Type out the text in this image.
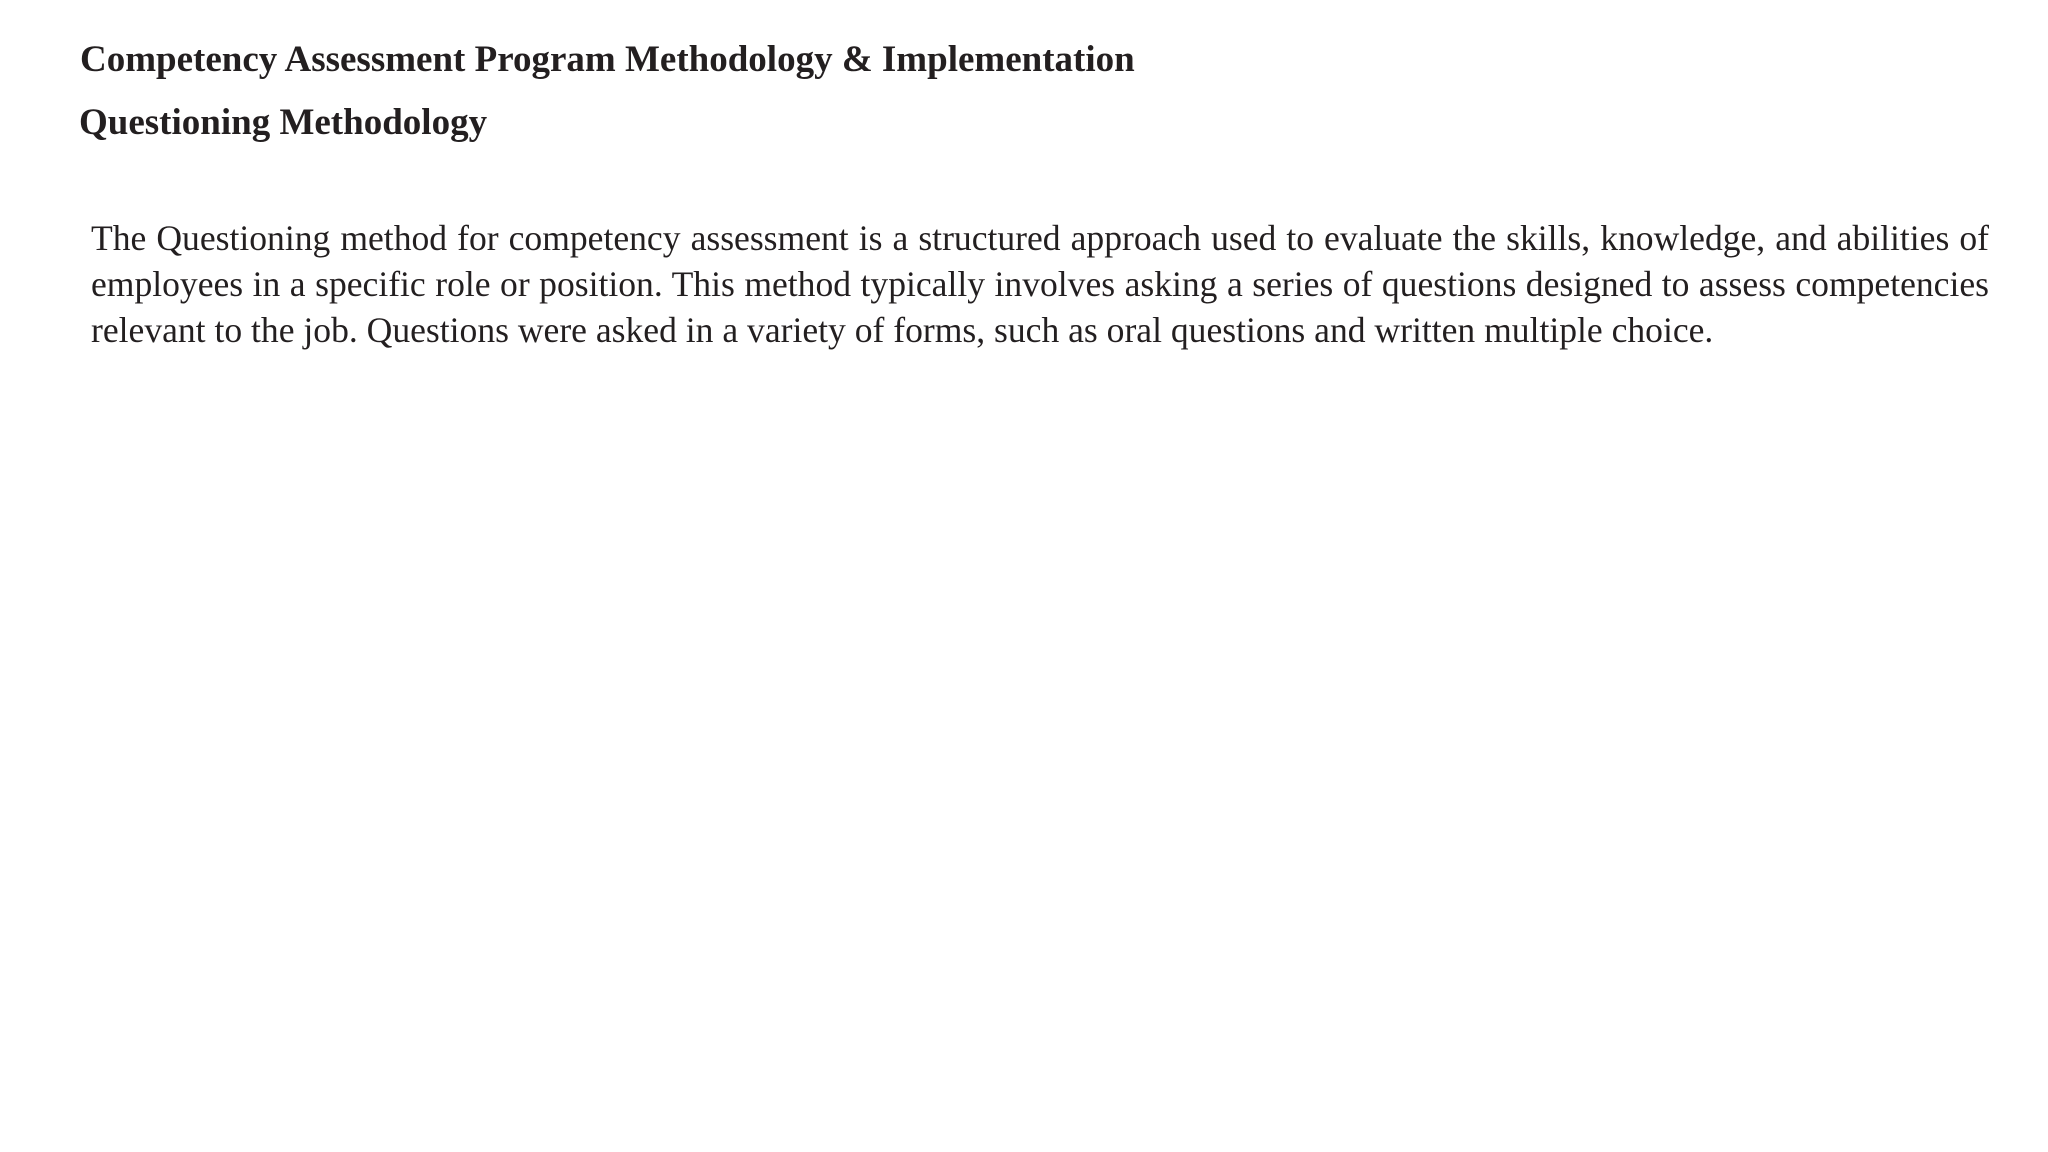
Competency Assessment Program Methodology & Implementation
Questioning Methodology

The Questioning method for competency assessment is a structured approach used to evaluate the skills, knowledge, and abilities of employees in a specific role or position. This method typically involves asking a series of questions designed to assess competencies relevant to the job. Questions were asked in a variety of forms, such as oral questions and written multiple choice.
